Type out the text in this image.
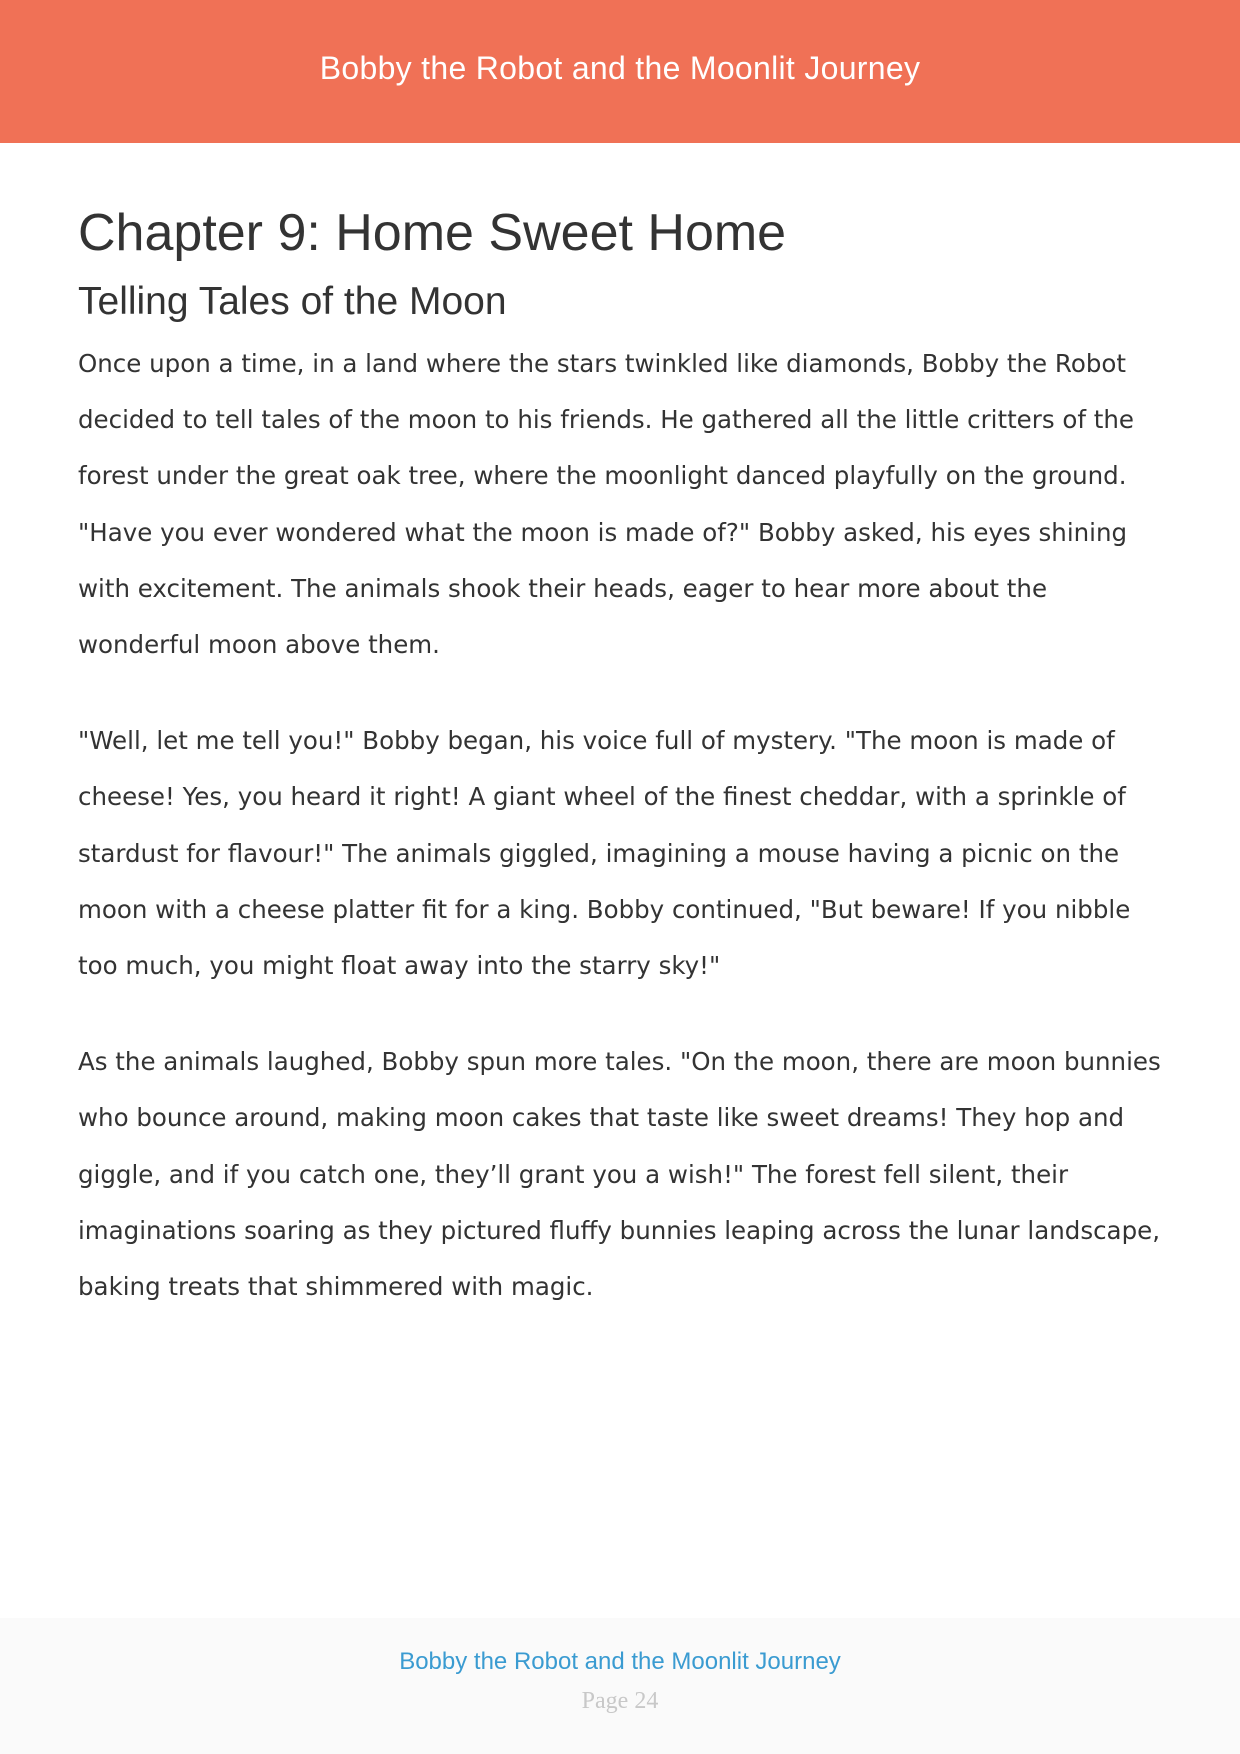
Bobby the Robot and the Moonlit Journey
Chapter 9: Home Sweet Home
Telling Tales of the Moon

Once upon a time, in a land where the stars twinkled like diamonds, Bobby the Robot decided to tell tales of the moon to his friends. He gathered all the little critters of the forest under the great oak tree, where the moonlight danced playfully on the ground. "Have you ever wondered what the moon is made of?" Bobby asked, his eyes shining with excitement. The animals shook their heads, eager to hear more about the wonderful moon above them.

"Well, let me tell you!" Bobby began, his voice full of mystery. "The moon is made of cheese! Yes, you heard it right! A giant wheel of the finest cheddar, with a sprinkle of stardust for flavour!" The animals giggled, imagining a mouse having a picnic on the moon with a cheese platter fit for a king. Bobby continued, "But beware! If you nibble too much, you might float away into the starry sky!"

As the animals laughed, Bobby spun more tales. "On the moon, there are moon bunnies who bounce around, making moon cakes that taste like sweet dreams! They hop and giggle, and if you catch one, they’ll grant you a wish!" The forest fell silent, their imaginations soaring as they pictured fluffy bunnies leaping across the lunar landscape, baking treats that shimmered with magic.

Bobby the Robot and the Moonlit Journey
Page 24
